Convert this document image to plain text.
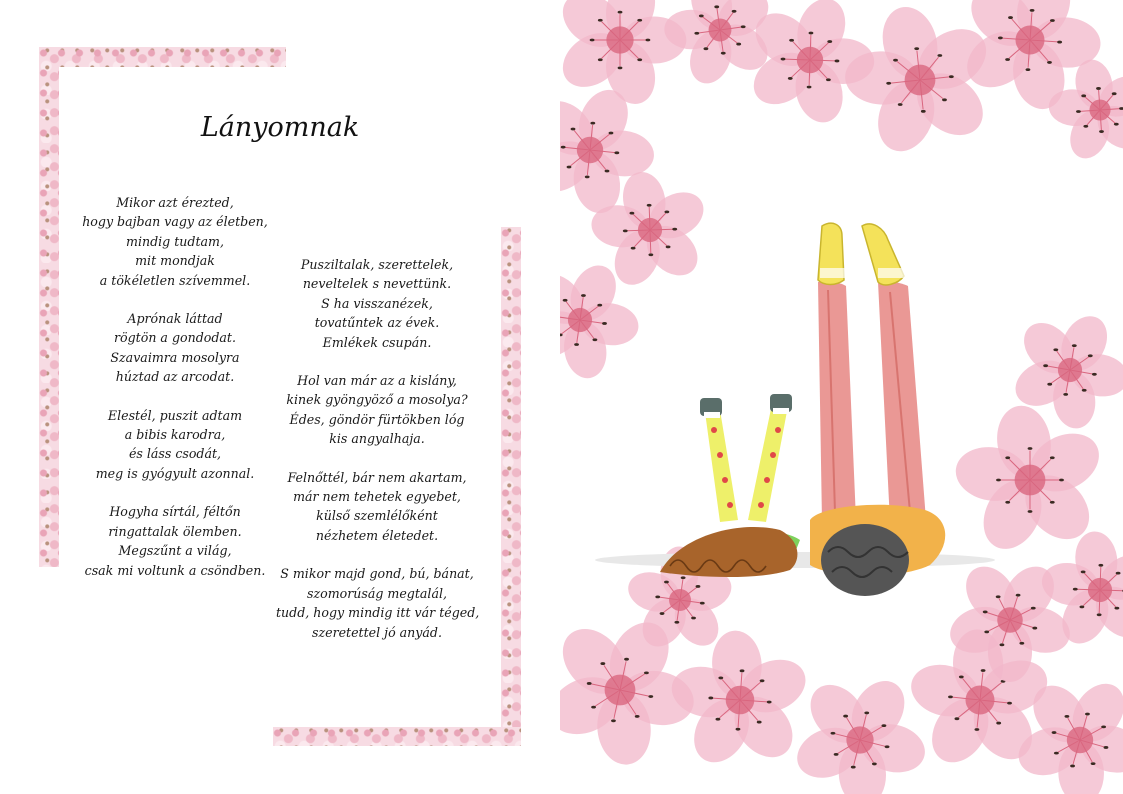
Lányomnak
Mikor azt érezted,
hogy bajban vagy az életben,
mindig tudtam,
mit mondjak
a tökéletlen szívemmel.
Aprónak láttad
rögtön a gondodat.
Szavaimra mosolyra
húztad az arcodat.
Elestél, puszit adtam
a bibis karodra,
és láss csodát,
meg is gyógyult azonnal.
Hogyha sírtál, féltőn
ringattalak ölemben.
Megszűnt a világ,
csak mi voltunk a csöndben.
Pusziltalak, szerettelek,
neveltelek s nevettünk.
S ha visszanézek,
tovatűntek az évek.
Emlékek csupán.
Hol van már az a kislány,
kinek gyöngyöző a mosolya?
Édes, göndör fürtökben lóg
kis angyalhaja.
Felnőttél, bár nem akartam,
már nem tehetek egyebet,
külső szemlélőként
nézhetem életedet.
S mikor majd gond, bú, bánat,
szomorúság megtalál,
tudd, hogy mindig itt vár téged,
szeretettel jó anyád.
